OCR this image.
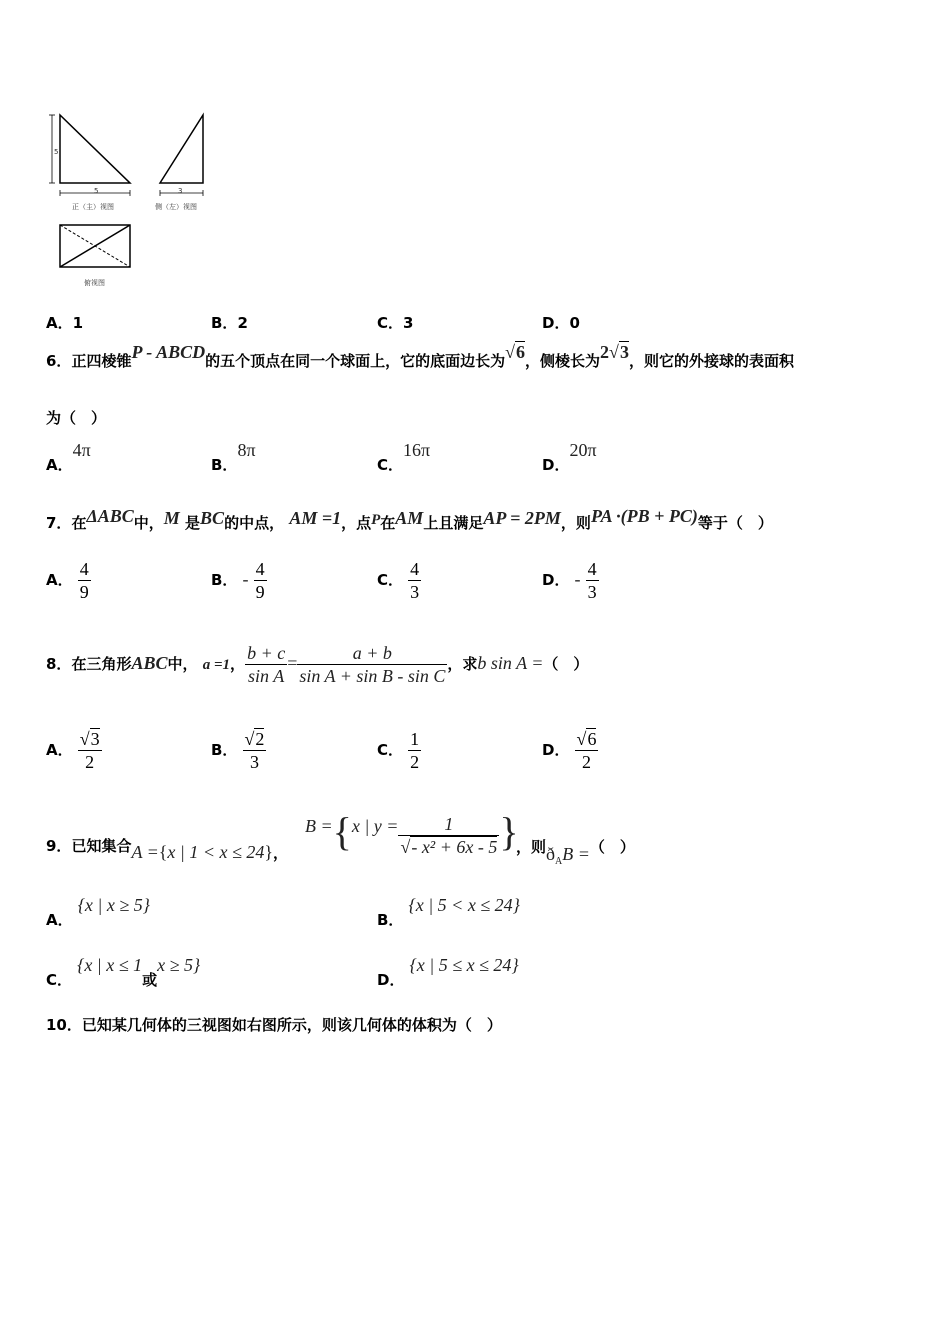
5
5	3
正（主）视图	侧（左）视图
俯视图
A．1	B．2	C．3	D．0
6．正四棱锥P - ABCD的五个顶点在同一个球面上，它的底面边长为√6，侧棱长为2√3，则它的外接球的表面积
为（　）
A．4π
B．8π
C．16π
D．20π
7．在ΔABC中，M 是BC的中点， AM =1，点P在AM上且满足AP = 2PM，则PA ·(PB + PC)等于（　）
A． $\frac{4}{9}$	B． - $\frac{4}{9}$	C． $\frac{4}{3}$	D． - $\frac{4}{3}$
8．在三角形ABC中， a =1， $\frac{b + c}{\text{sin A}} = \frac{a + b}{\text{sin A + sin B - sin C}}$ ，求b sin A =（　）
A． $\frac{√3}{2}$	B． $\frac{√2}{3}$	C． $\frac{1}{2}$	D． $\frac{√6}{2}$
9．已知集合A ={x | 1 < x ≤ 24}，
B ={x | $y = \frac{1}{\text{√- x² + 6x - 5}}$ }
，则$ð_AB$ =（　）
A． {x | x ≥ 5}
B． {x | 5 < x ≤ 24}
C． {x | x ≤ 1或x ≥ 5}
D． {x | 5 ≤ x ≤ 24}
10．已知某几何体的三视图如右图所示，则该几何体的体积为（　）
